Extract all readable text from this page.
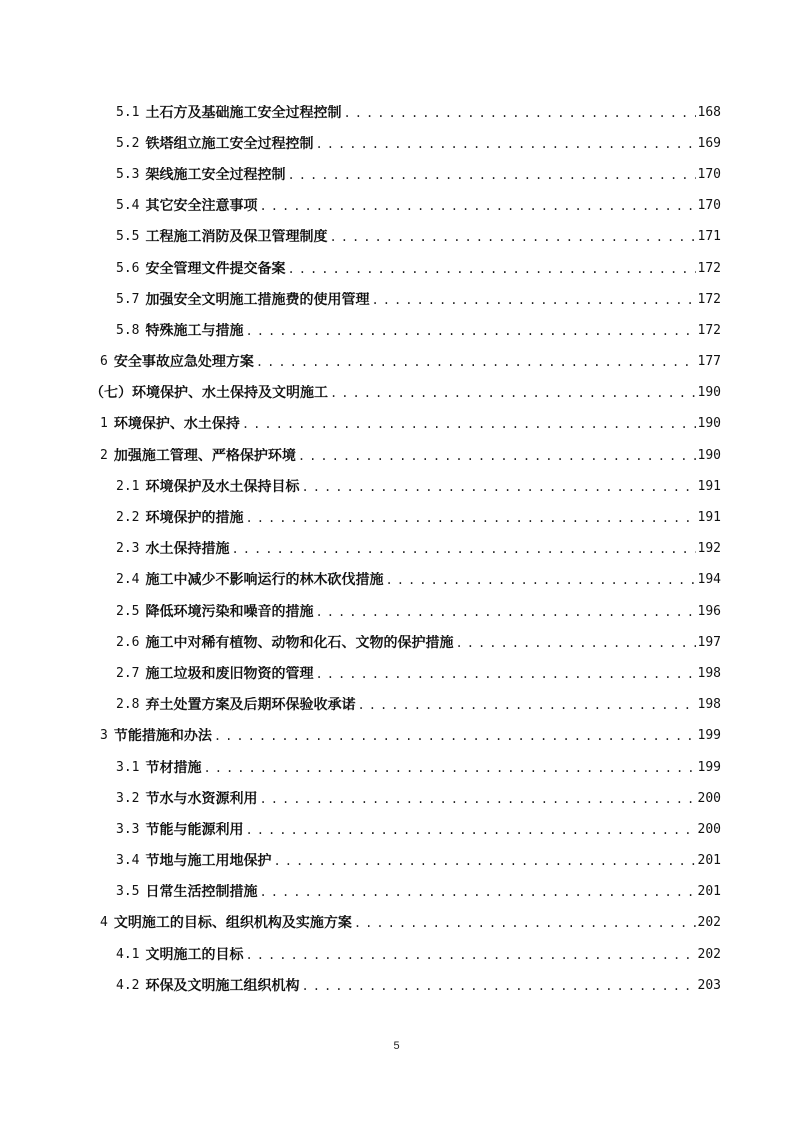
5.1 土石方及基础施工安全过程控制 . . .	168
5.2 铁塔组立施工安全过程控制 . . .	169
5.3 架线施工安全过程控制 . . .	170
5.4 其它安全注意事项 . . .	170
5.5 工程施工消防及保卫管理制度 . . .	171
5.6 安全管理文件提交备案 . . .	172
5.7 加强安全文明施工措施费的使用管理 . . .	172
5.8 特殊施工与措施 . . .	172
6 安全事故应急处理方案 . . .	177
（七）环境保护、水土保持及文明施工 . . .	190
1 环境保护、水土保持 . . .	190
2 加强施工管理、严格保护环境 . . .	190
2.1 环境保护及水土保持目标 . . .	191
2.2 环境保护的措施 . . .	191
2.3 水土保持措施 . . .	192
2.4 施工中减少不影响运行的林木砍伐措施 . . .	194
2.5 降低环境污染和噪音的措施 . . .	196
2.6 施工中对稀有植物、动物和化石、文物的保护措施 . . .	197
2.7 施工垃圾和废旧物资的管理 . . .	198
2.8 弃土处置方案及后期环保验收承诺 . . .	198
3 节能措施和办法 . . .	199
3.1 节材措施 . . .	199
3.2 节水与水资源利用 . . .	200
3.3 节能与能源利用 . . .	200
3.4 节地与施工用地保护 . . .	201
3.5 日常生活控制措施 . . .	201
4 文明施工的目标、组织机构及实施方案 . . .	202
4.1 文明施工的目标 . . .	202
4.2 环保及文明施工组织机构 . . .	203
5
